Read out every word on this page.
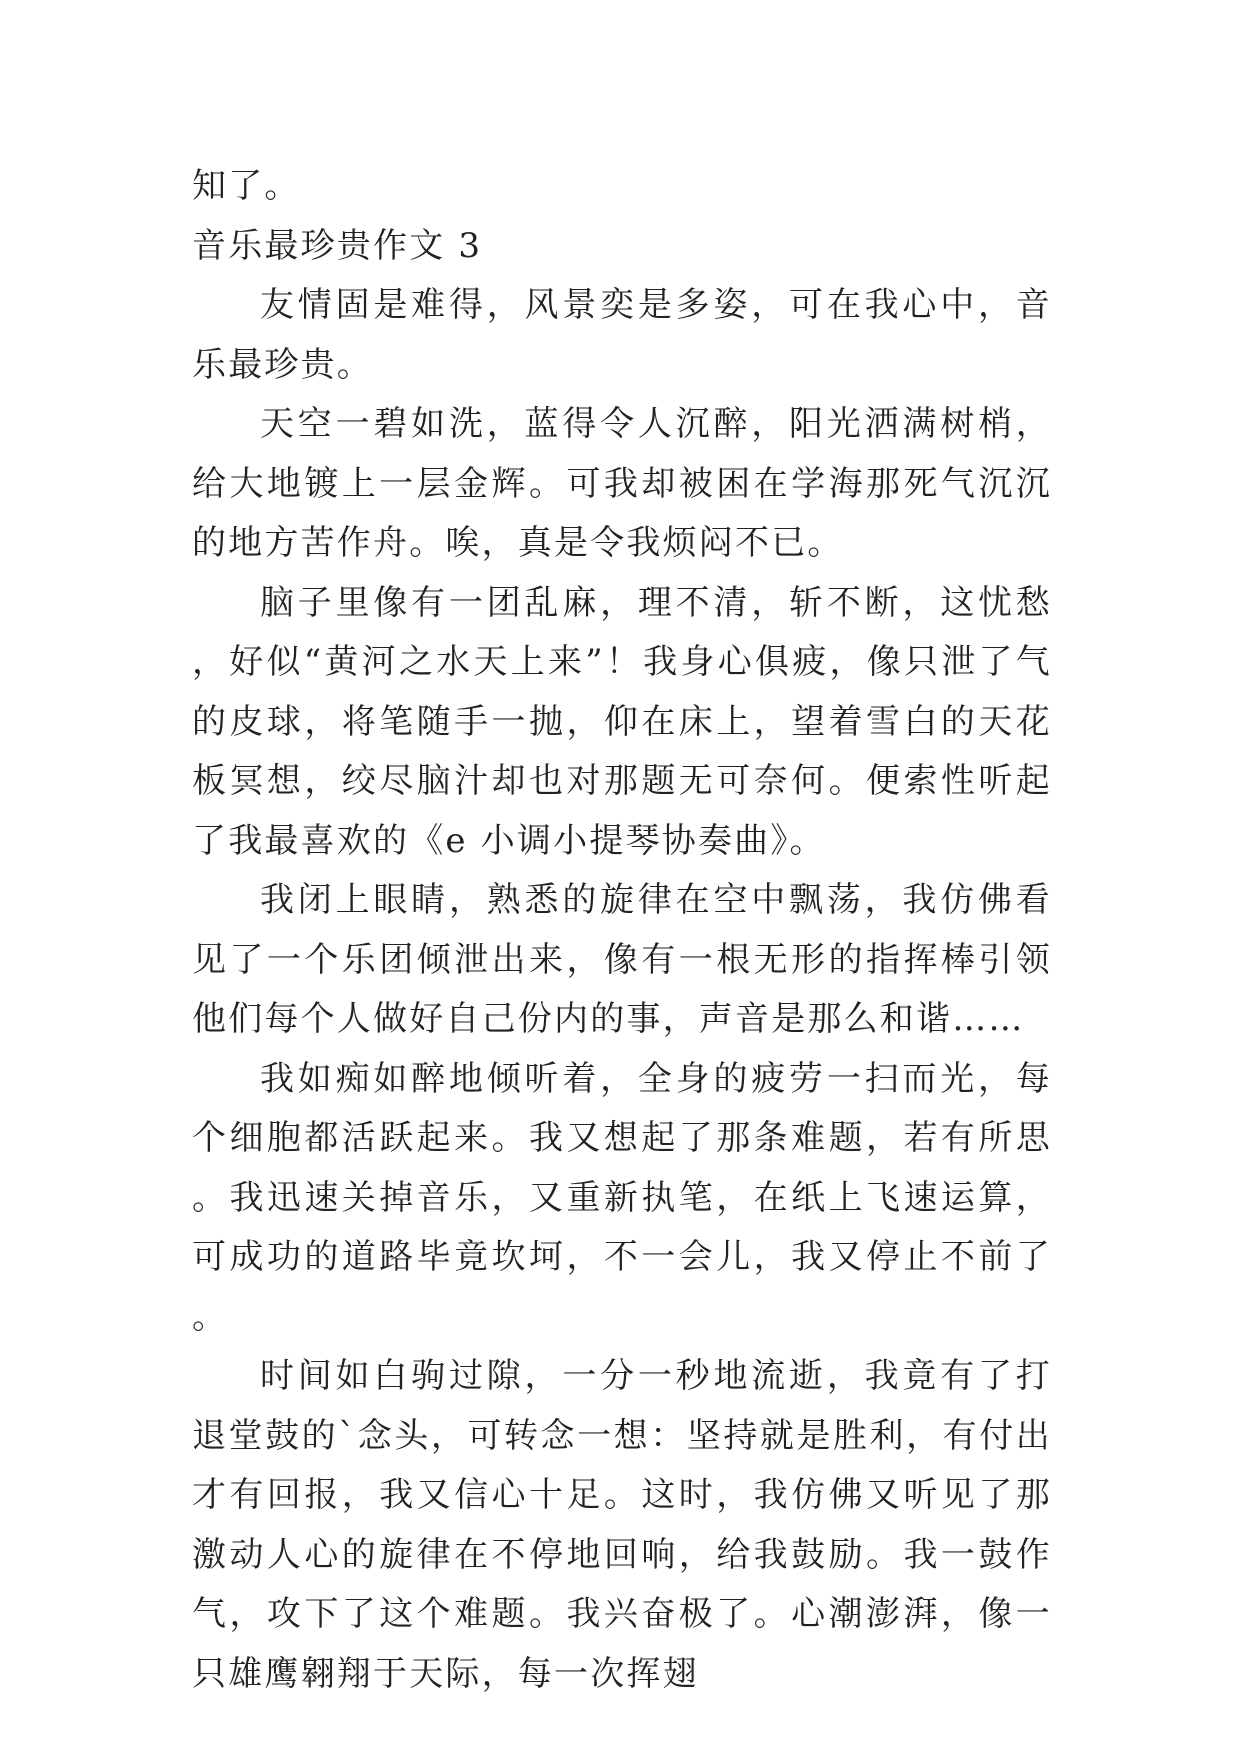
知了。

音乐最珍贵作文 3

友情固是难得，风景奕是多姿，可在我心中，音乐最珍贵。

天空一碧如洗，蓝得令人沉醉，阳光洒满树梢，给大地镀上一层金辉。可我却被困在学海那死气沉沉的地方苦作舟。唉，真是令我烦闷不已。

脑子里像有一团乱麻，理不清，斩不断，这忧愁，好似“黄河之水天上来”！我身心俱疲，像只泄了气的皮球，将笔随手一抛，仰在床上，望着雪白的天花板冥想，绞尽脑汁却也对那题无可奈何。便索性听起了我最喜欢的《e 小调小提琴协奏曲》。

我闭上眼睛，熟悉的旋律在空中飘荡，我仿佛看见了一个乐团倾泄出来，像有一根无形的指挥棒引领他们每个人做好自己份内的事，声音是那么和谐……

我如痴如醉地倾听着，全身的疲劳一扫而光，每个细胞都活跃起来。我又想起了那条难题，若有所思。我迅速关掉音乐，又重新执笔，在纸上飞速运算，可成功的道路毕竟坎坷，不一会儿，我又停止不前了。

时间如白驹过隙，一分一秒地流逝，我竟有了打退堂鼓的`念头，可转念一想：坚持就是胜利，有付出才有回报，我又信心十足。这时，我仿佛又听见了那激动人心的旋律在不停地回响，给我鼓励。我一鼓作气，攻下了这个难题。我兴奋极了。心潮澎湃，像一只雄鹰翱翔于天际，每一次挥翅
